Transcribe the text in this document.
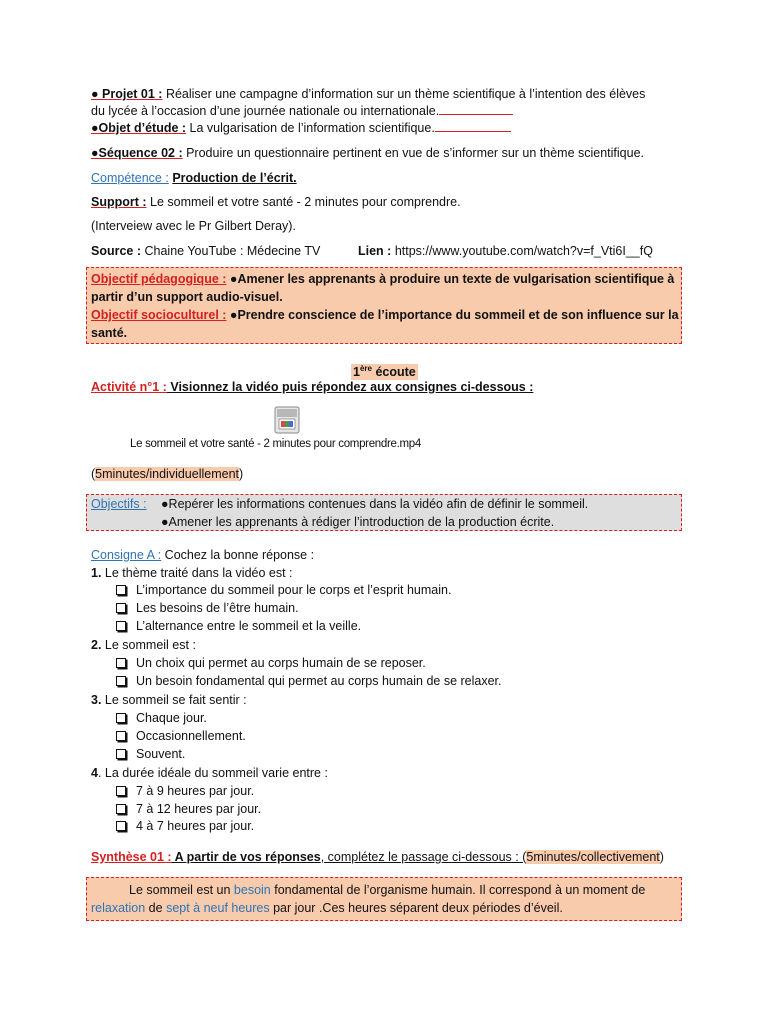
● Projet 01 : Réaliser une campagne d’information sur un thème scientifique à l’intention des élèves
du lycée à l’occasion d’une journée nationale ou internationale.
●Objet d’étude : La vulgarisation de l’information scientifique.
●Séquence 02 : Produire un questionnaire pertinent en vue de s’informer sur un thème scientifique.
Compétence : Production de l’écrit.
Support : Le sommeil et votre santé - 2 minutes pour comprendre.
(Interveiew avec le Pr Gilbert Deray).
Source : Chaine YouTube : Médecine TV	Lien : https://www.youtube.com/watch?v=f_Vti6I__fQ
Objectif pédagogique : ●Amener les apprenants à produire un texte de vulgarisation scientifique à
partir d’un support audio-visuel.
Objectif socioculturel : ●Prendre conscience de l’importance du sommeil et de son influence sur la
santé.
1ère écoute
Activité n°1 : Visionnez la vidéo puis répondez aux consignes ci-dessous :
Le sommeil et votre santé - 2 minutes pour comprendre.mp4
(5minutes/individuellement)
Objectifs : ●Repérer les informations contenues dans la vidéo afin de définir le sommeil.
●Amener les apprenants à rédiger l’introduction de la production écrite.
Consigne A : Cochez la bonne réponse :
1. Le thème traité dans la vidéo est :
L’importance du sommeil pour le corps et l’esprit humain.
Les besoins de l’être humain.
L’alternance entre le sommeil et la veille.
2. Le sommeil est :
Un choix qui permet au corps humain de se reposer.
Un besoin fondamental qui permet au corps humain de se relaxer.
3. Le sommeil se fait sentir :
Chaque jour.
Occasionnellement.
Souvent.
4. La durée idéale du sommeil varie entre :
7 à 9 heures par jour.
7 à 12 heures par jour.
4 à 7 heures par jour.
Synthèse 01 : A partir de vos réponses, complétez le passage ci-dessous : (5minutes/collectivement)
Le sommeil est un besoin fondamental de l’organisme humain. Il correspond à un moment de
relaxation de sept à neuf heures par jour .Ces heures séparent deux périodes d’éveil.
